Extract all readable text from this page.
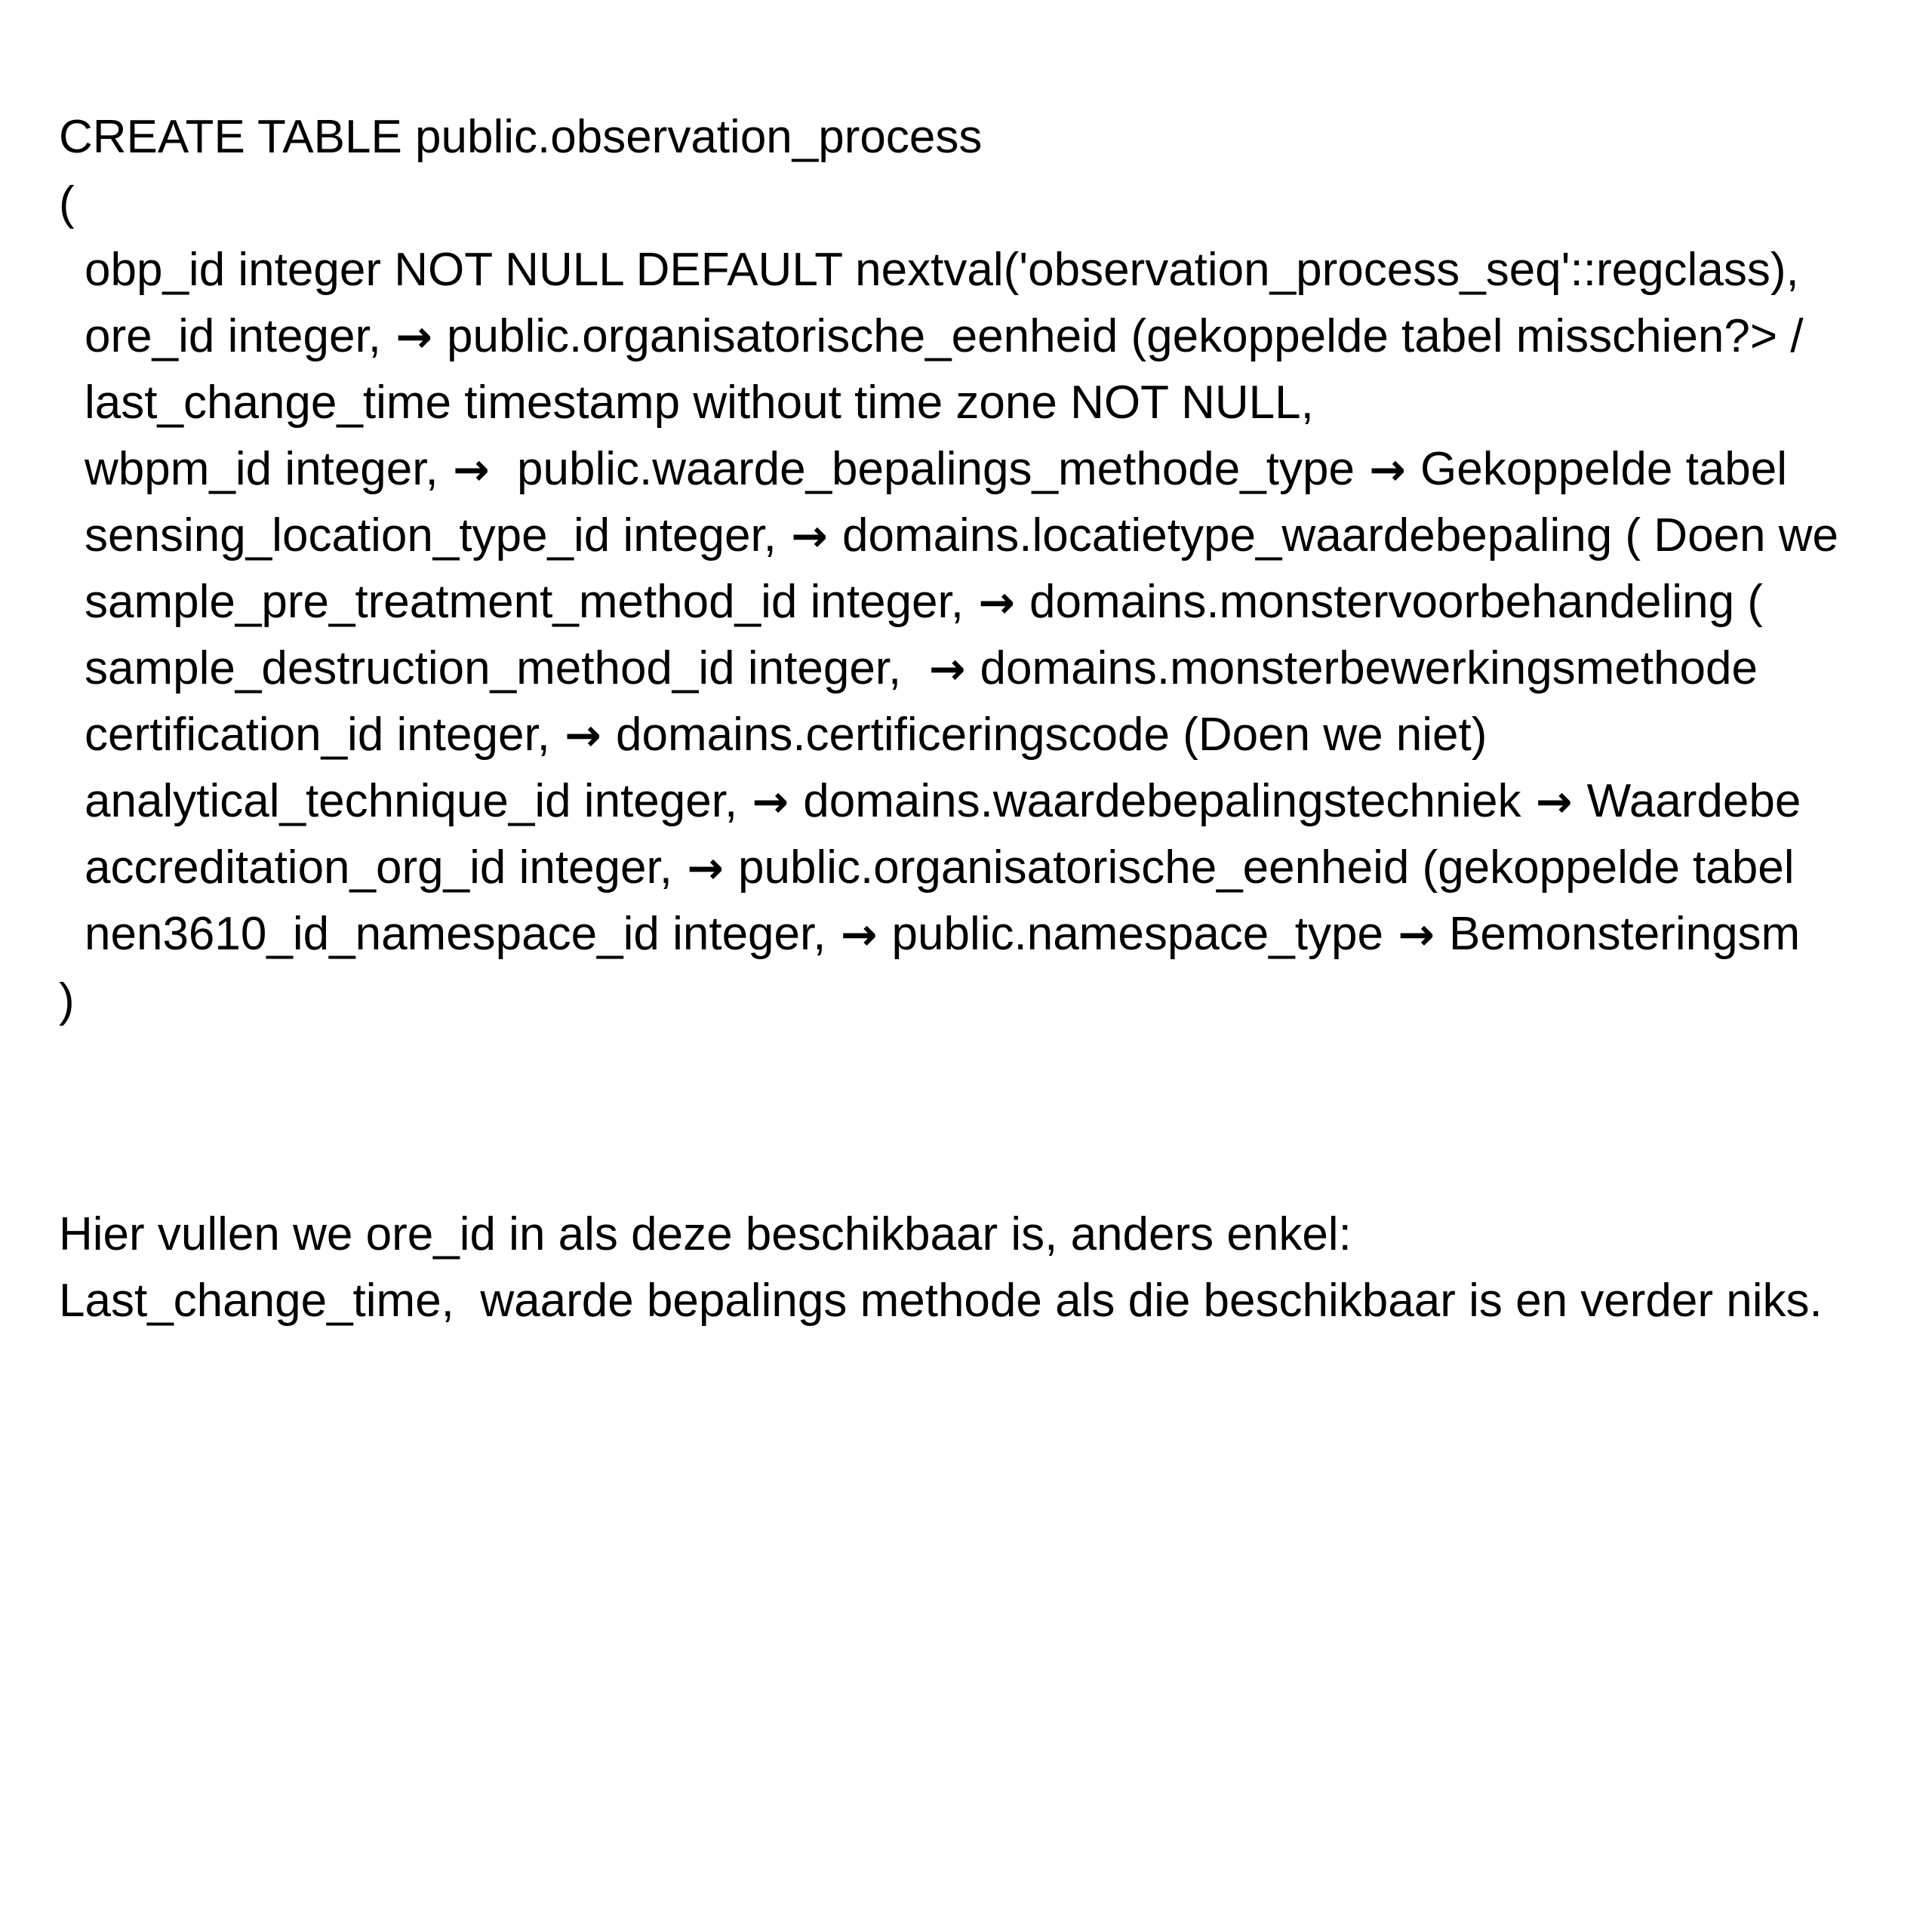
CREATE TABLE public.observation_process
(
obp_id integer NOT NULL DEFAULT nextval('observation_process_seq'::regclass),
ore_id integer, → public.organisatorische_eenheid (gekoppelde tabel misschien?> /
last_change_time timestamp without time zone NOT NULL,
wbpm_id integer, →  public.waarde_bepalings_methode_type → Gekoppelde tabel
sensing_location_type_id integer, → domains.locatietype_waardebepaling ( Doen we
sample_pre_treatment_method_id integer, → domains.monstervoorbehandeling (
sample_destruction_method_id integer,  → domains.monsterbewerkingsmethode
certification_id integer, → domains.certificeringscode (Doen we niet)
analytical_technique_id integer, → domains.waardebepalingstechniek → Waardebe
accreditation_org_id integer, → public.organisatorische_eenheid (gekoppelde tabel
nen3610_id_namespace_id integer, → public.namespace_type → Bemonsteringsm
)
Hier vullen we ore_id in als deze beschikbaar is, anders enkel:
Last_change_time,  waarde bepalings methode als die beschikbaar is en verder niks.
